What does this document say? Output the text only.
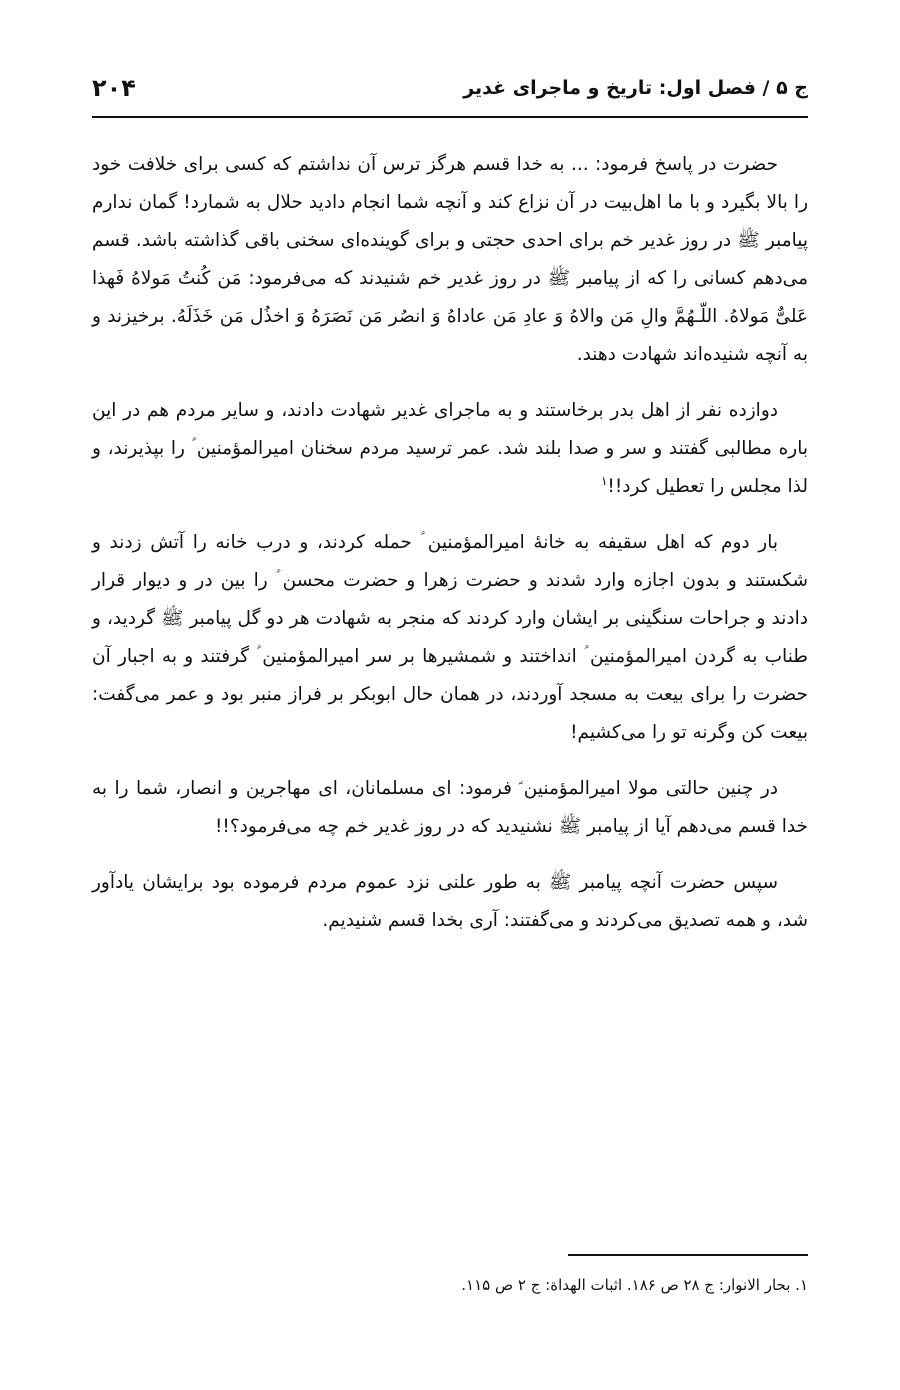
ج ۵ / فصل اول: تاریخ و ماجرای غدیر
۲۰۴

حضرت در پاسخ فرمود: ... به خدا قسم هرگز ترس آن نداشتم که کسی برای خلافت خود را بالا بگیرد و با ما اهل‌بیت در آن نزاع کند و آنچه شما انجام دادید حلال به شمارد! گمان ندارم پیامبر ﷺ در روز غدیر خم برای احدی حجتی و برای گوینده‌ای سخنی باقی گذاشته باشد. قسم می‌دهم کسانی را که از پیامبر ﷺ در روز غدیر خم شنیدند که می‌فرمود: مَن کُنتُ مَولاهُ فَهذا عَلیٌّ مَولاهُ. اللّـهُمَّ والِ مَن والاهُ وَ عادِ مَن عاداهُ وَ انصُر مَن نَصَرَهُ وَ اخذُل مَن خَذَلَهُ. برخیزند و به آنچه شنیده‌اند شهادت دهند.

دوازده نفر از اهل بدر برخاستند و به ماجرای غدیر شهادت دادند، و سایر مردم هم در این باره مطالبی گفتند و سر و صدا بلند شد. عمر ترسید مردم سخنان امیرالمؤمنین ؑ را بپذیرند، و لذا مجلس را تعطیل کرد!!$^۱$

بار دوم که اهل سقیفه به خانهٔ امیرالمؤمنین ؑ حمله کردند، و درب خانه را آتش زدند و شکستند و بدون اجازه وارد شدند و حضرت زهرا و حضرت محسن ؑ را بین در و دیوار قرار دادند و جراحات سنگینی بر ایشان وارد کردند که منجر به شهادت هر دو گل پیامبر ﷺ گردید، و طناب به گردن امیرالمؤمنین ؑ انداختند و شمشیرها بر سر امیرالمؤمنین ؑ گرفتند و به اجبار آن حضرت را برای بیعت به مسجد آوردند، در همان حال ابوبکر بر فراز منبر بود و عمر می‌گفت: بیعت کن وگرنه تو را می‌کشیم!

در چنین حالتی مولا امیرالمؤمنین ؑ فرمود: ای مسلمانان، ای مهاجرین و انصار، شما را به خدا قسم می‌دهم آیا از پیامبر ﷺ نشنیدید که در روز غدیر خم چه می‌فرمود؟!!

سپس حضرت آنچه پیامبر ﷺ به طور علنی نزد عموم مردم فرموده بود برایشان یادآور شد، و همه تصدیق می‌کردند و می‌گفتند: آری بخدا قسم شنیدیم.

۱. بحار الانوار: ج ۲۸ ص ۱۸۶. اثبات الهداة: ج ۲ ص ۱۱۵.
